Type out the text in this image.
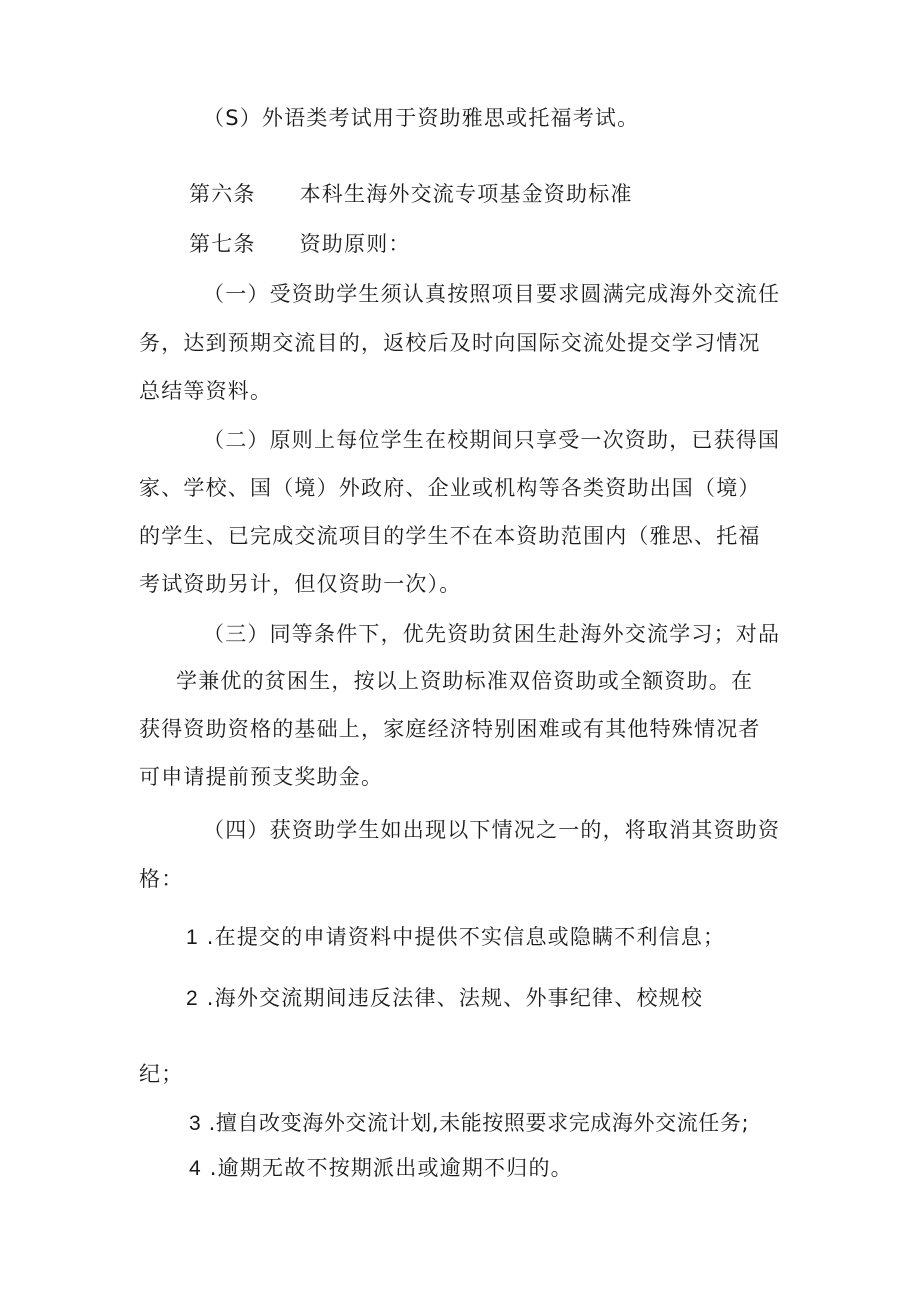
（S）外语类考试用于资助雅思或托福考试。
第六条 本科生海外交流专项基金资助标准
第七条 资助原则：
（一）受资助学生须认真按照项目要求圆满完成海外交流任
务，达到预期交流目的，返校后及时向国际交流处提交学习情况
总结等资料。
（二）原则上每位学生在校期间只享受一次资助，已获得国
家、学校、国（境）外政府、企业或机构等各类资助出国（境）
的学生、已完成交流项目的学生不在本资助范围内（雅思、托福
考试资助另计，但仅资助一次）。
（三）同等条件下，优先资助贫困生赴海外交流学习；对品
学兼优的贫困生，按以上资助标准双倍资助或全额资助。在
获得资助资格的基础上，家庭经济特别困难或有其他特殊情况者
可申请提前预支奖助金。
（四）获资助学生如出现以下情况之一的，将取消其资助资
格：
1 .在提交的申请资料中提供不实信息或隐瞒不利信息；
2 .海外交流期间违反法律、法规、外事纪律、校规校
纪；
3 .擅自改变海外交流计划,未能按照要求完成海外交流任务;
4 .逾期无故不按期派出或逾期不归的。
